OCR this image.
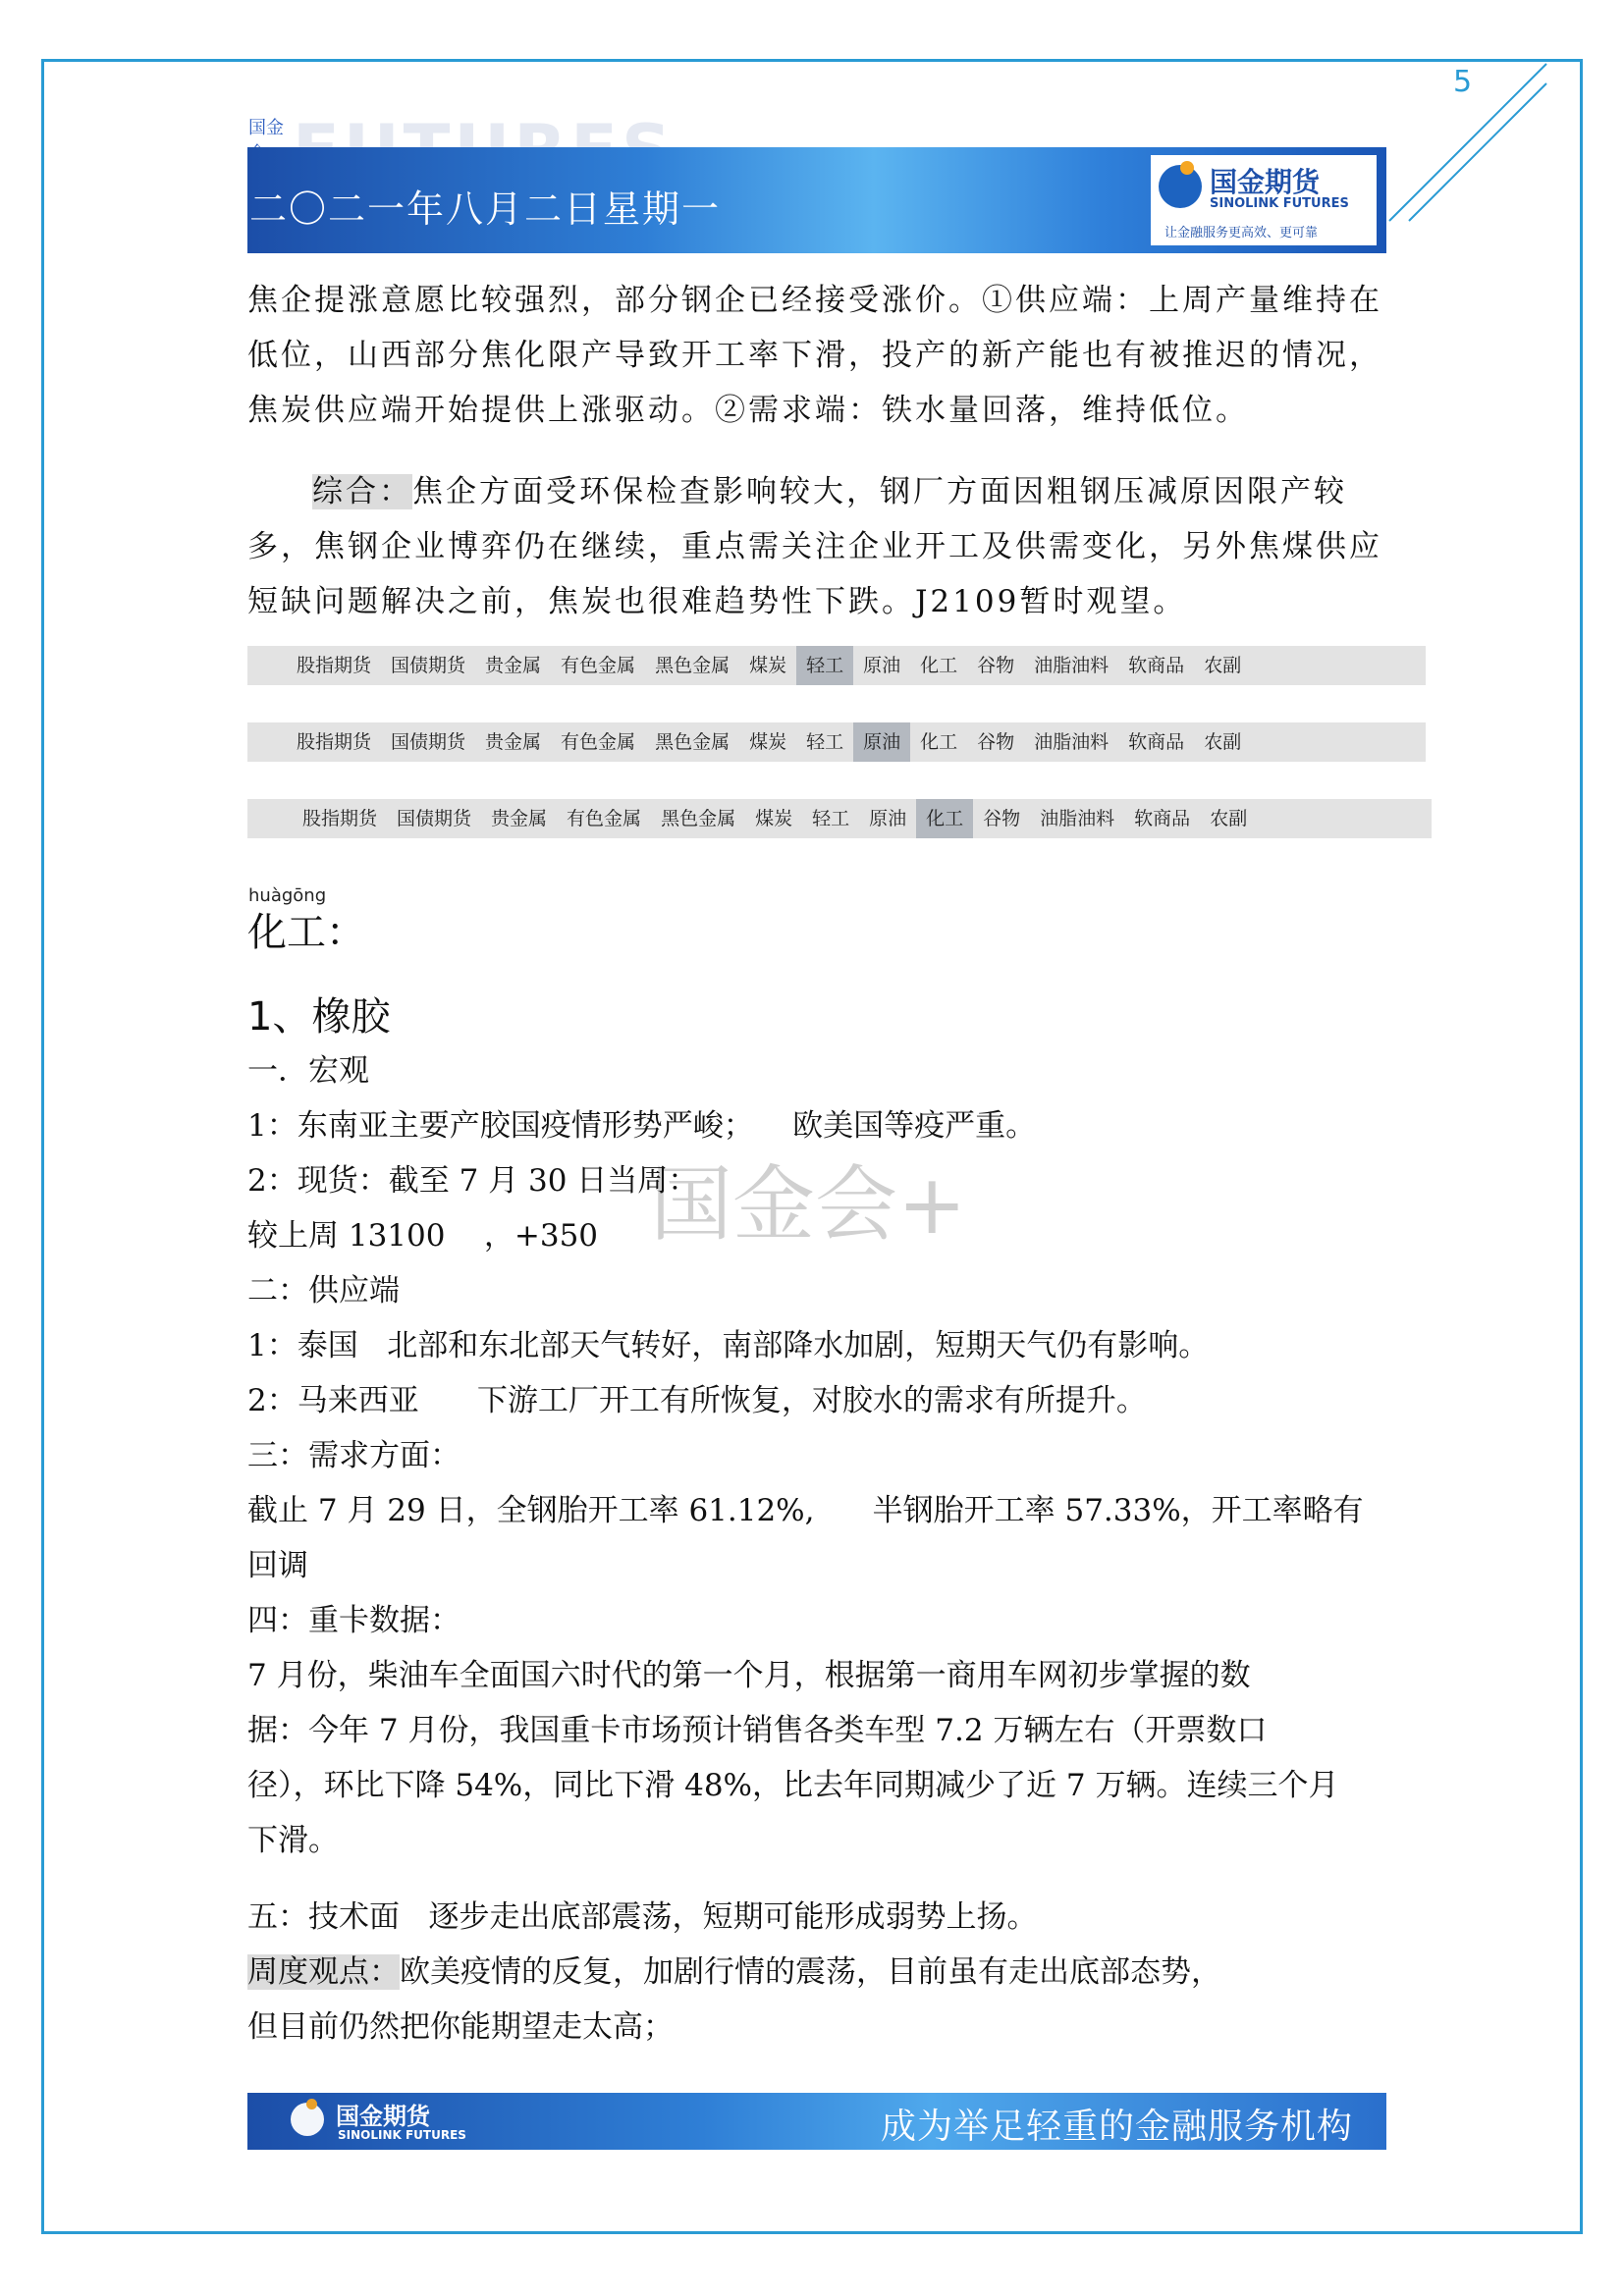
5
国金
国金期货
SINOLINK FUTURES
让金融服务更高效、更可靠
二〇二一年八月二日星期一

焦企提涨意愿比较强烈，部分钢企已经接受涨价。①供应端：上周产量维持在低位，山西部分焦化限产导致开工率下滑，投产的新产能也有被推迟的情况，焦炭供应端开始提供上涨驱动。②需求端：铁水量回落，维持低位。

综合：焦企方面受环保检查影响较大，钢厂方面因粗钢压减原因限产较多，焦钢企业博弈仍在继续，重点需关注企业开工及供需变化，另外焦煤供应短缺问题解决之前，焦炭也很难趋势性下跌。J2109暂时观望。

股指期货	国债期货	贵金属	有色金属	黑色金属	煤炭	轻工	原油	化工	谷物	油脂油料	软商品	农副
股指期货	国债期货	贵金属	有色金属	黑色金属	煤炭	轻工	原油	化工	谷物	油脂油料	软商品	农副
股指期货	国债期货	贵金属	有色金属	黑色金属	煤炭	轻工	原油	化工	谷物	油脂油料	软商品	农副
huàgōng
化工：
1、橡胶
国金会+
一．宏观
1：东南亚主要产胶国疫情形势严峻；    欧美国等疫严重。
2：现货：截至 7 月 30 日当周：
较上周 13100    ，+350
二：供应端
1：泰国   北部和东北部天气转好，南部降水加剧，短期天气仍有影响。
2：马来西亚      下游工厂开工有所恢复，对胶水的需求有所提升。
三：需求方面：
截止 7 月 29 日，全钢胎开工率 61.12%,      半钢胎开工率 57.33%，开工率略有
回调
四：重卡数据：
7 月份，柴油车全面国六时代的第一个月，根据第一商用车网初步掌握的数
据：今年 7 月份，我国重卡市场预计销售各类车型 7.2 万辆左右（开票数口
径），环比下降 54%，同比下滑 48%，比去年同期减少了近 7 万辆。连续三个月
下滑。
五：技术面   逐步走出底部震荡，短期可能形成弱势上扬。
周度观点：欧美疫情的反复，加剧行情的震荡，目前虽有走出底部态势，
但目前仍然把你能期望走太高；
国金期货
SINOLINK FUTURES	成为举足轻重的金融服务机构
